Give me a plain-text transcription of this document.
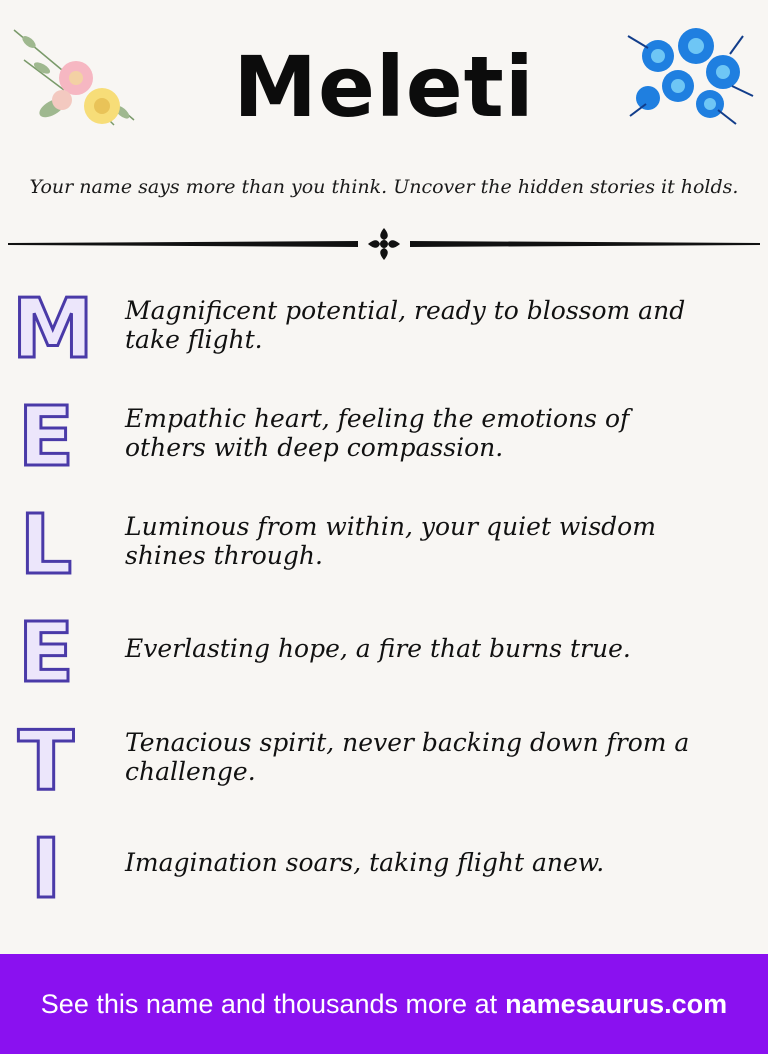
Meleti
Your name says more than you think. Uncover the hidden stories it holds.
M Magnificent potential, ready to blossom and take flight.
E Empathic heart, feeling the emotions of others with deep compassion.
L	Luminous from within, your quiet wisdom shines through.
E Everlasting hope, a fire that burns true.
T Tenacious spirit, never backing down from a challenge.
I	Imagination soars, taking flight anew.
See this name and thousands more at namesaurus.com
